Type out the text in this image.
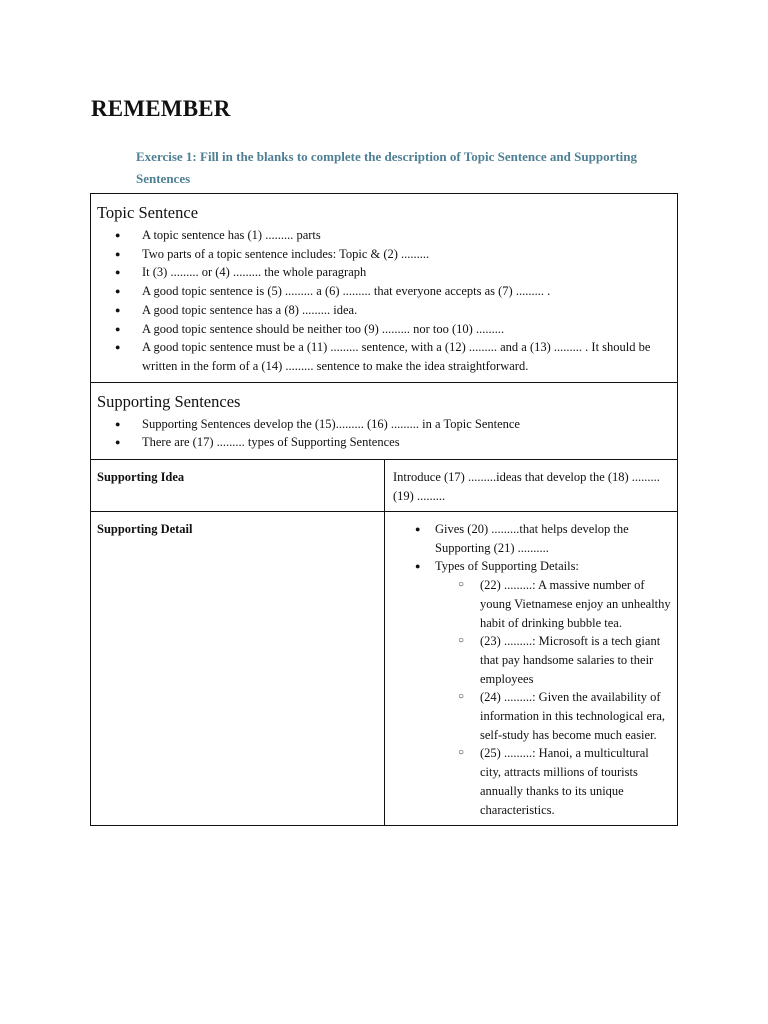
REMEMBER
Exercise 1: Fill in the blanks to complete the description of Topic Sentence and Supporting Sentences
Topic Sentence
● A topic sentence has (1) ......... parts
● Two parts of a topic sentence includes: Topic & (2) .........
● It (3) ......... or (4) ......... the whole paragraph
● A good topic sentence is (5) ......... a (6) ......... that everyone accepts as (7) ......... .
● A good topic sentence has a (8) ......... idea.
● A good topic sentence should be neither too (9) ......... nor too (10) .........
● A good topic sentence must be a (11) ......... sentence, with a (12) ......... and a (13) ......... . It should be written in the form of a (14) ......... sentence to make the idea straightforward.
Supporting Sentences
● Supporting Sentences develop the (15)......... (16) ......... in a Topic Sentence
● There are (17) ......... types of Supporting Sentences
Supporting Idea	Introduce (17) .........ideas that develop the (18) ......... (19) .........
Supporting Detail
●	Gives (20) .........that helps develop the Supporting (21) ..........
● Types of Supporting Details:
○ (22) .........: A massive number of young Vietnamese enjoy an unhealthy habit of drinking bubble tea.
○ (23) .........: Microsoft is a tech giant that pay handsome salaries to their employees
○ (24) .........: Given the availability of information in this technological era, self-study has become much easier.
○ (25) .........: Hanoi, a multicultural city, attracts millions of tourists annually thanks to its unique characteristics.
